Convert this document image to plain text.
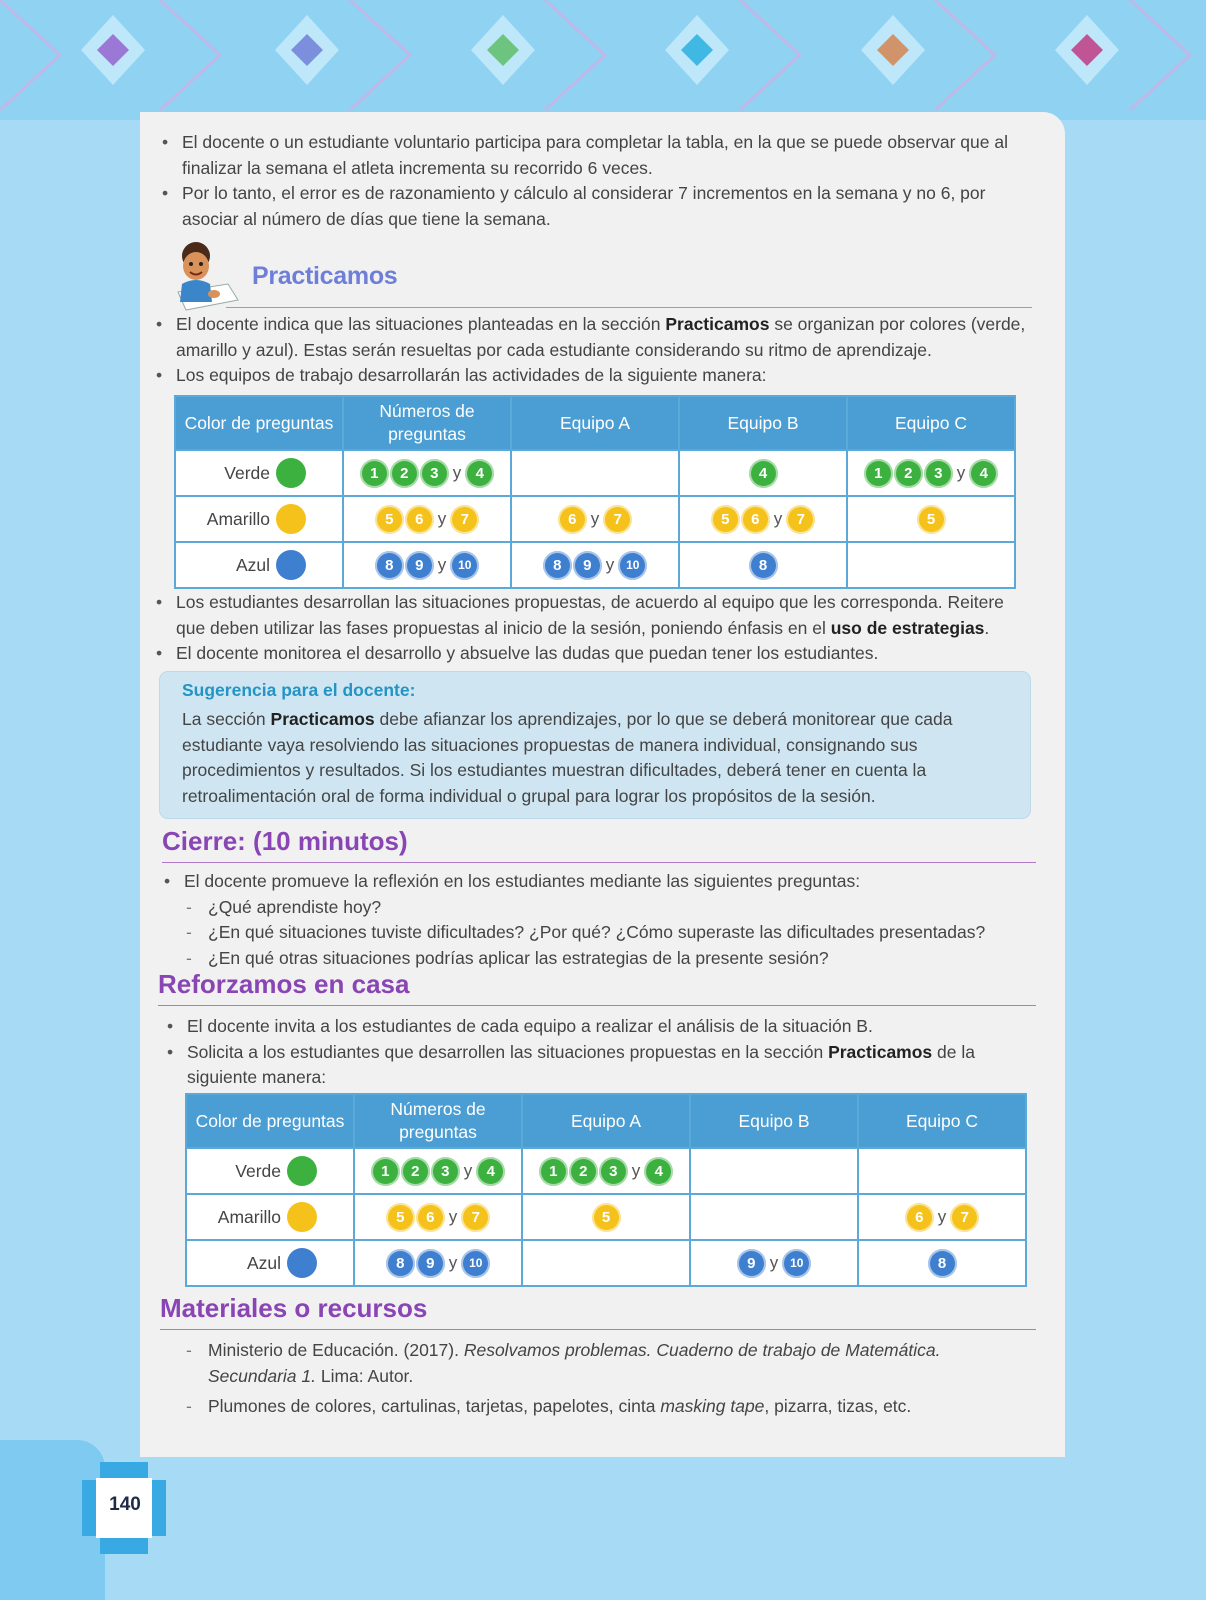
140
• El docente o un estudiante voluntario participa para completar la tabla, en la que se puede observar que al finalizar la semana el atleta incrementa su recorrido 6 veces.
• Por lo tanto, el error es de razonamiento y cálculo al considerar 7 incrementos en la semana y no 6, por asociar al número de días que tiene la semana.
Practicamos
• El docente indica que las situaciones planteadas en la sección Practicamos se organizan por colores (verde, amarillo y azul). Estas serán resueltas por cada estudiante considerando su ritmo de aprendizaje.
• Los equipos de trabajo desarrollarán las actividades de la siguiente manera:
Color de preguntas	Números de preguntas	Equipo A	Equipo B	Equipo C

Verde	1 2 3 y 4		4	1 2 3 y 4

Amarillo	5 6 y 7	6 y 7	5 6 y 7	5

Azul	8 9 y 10	8 9 y 10	8	

• Los estudiantes desarrollan las situaciones propuestas, de acuerdo al equipo que les corresponda. Reitere que deben utilizar las fases propuestas al inicio de la sesión, poniendo énfasis en el uso de estrategias.
• El docente monitorea el desarrollo y absuelve las dudas que puedan tener los estudiantes.
Sugerencia para el docente:
La sección Practicamos debe afianzar los aprendizajes, por lo que se deberá monitorear que cada estudiante vaya resolviendo las situaciones propuestas de manera individual, consignando sus procedimientos y resultados. Si los estudiantes muestran dificultades, deberá tener en cuenta la retroalimentación oral de forma individual o grupal para lograr los propósitos de la sesión.
Cierre: (10 minutos)
• El docente promueve la reflexión en los estudiantes mediante las siguientes preguntas:
- ¿Qué aprendiste hoy?
- ¿En qué situaciones tuviste dificultades? ¿Por qué? ¿Cómo superaste las dificultades presentadas?
- ¿En qué otras situaciones podrías aplicar las estrategias de la presente sesión?
Reforzamos en casa
• El docente invita a los estudiantes de cada equipo a realizar el análisis de la situación B.
• Solicita a los estudiantes que desarrollen las situaciones propuestas en la sección Practicamos de la siguiente manera:
Color de preguntas	Números de preguntas	Equipo A	Equipo B	Equipo C

Verde	1 2 3 y 4	1 2 3 y 4		

Amarillo	5 6 y 7	5		6 y 7

Azul	8 9 y 10		9 y 10	8
Materiales o recursos
- Ministerio de Educación. (2017). Resolvamos problemas. Cuaderno de trabajo de Matemática. Secundaria 1. Lima: Autor.
- Plumones de colores, cartulinas, tarjetas, papelotes, cinta masking tape, pizarra, tizas, etc.
